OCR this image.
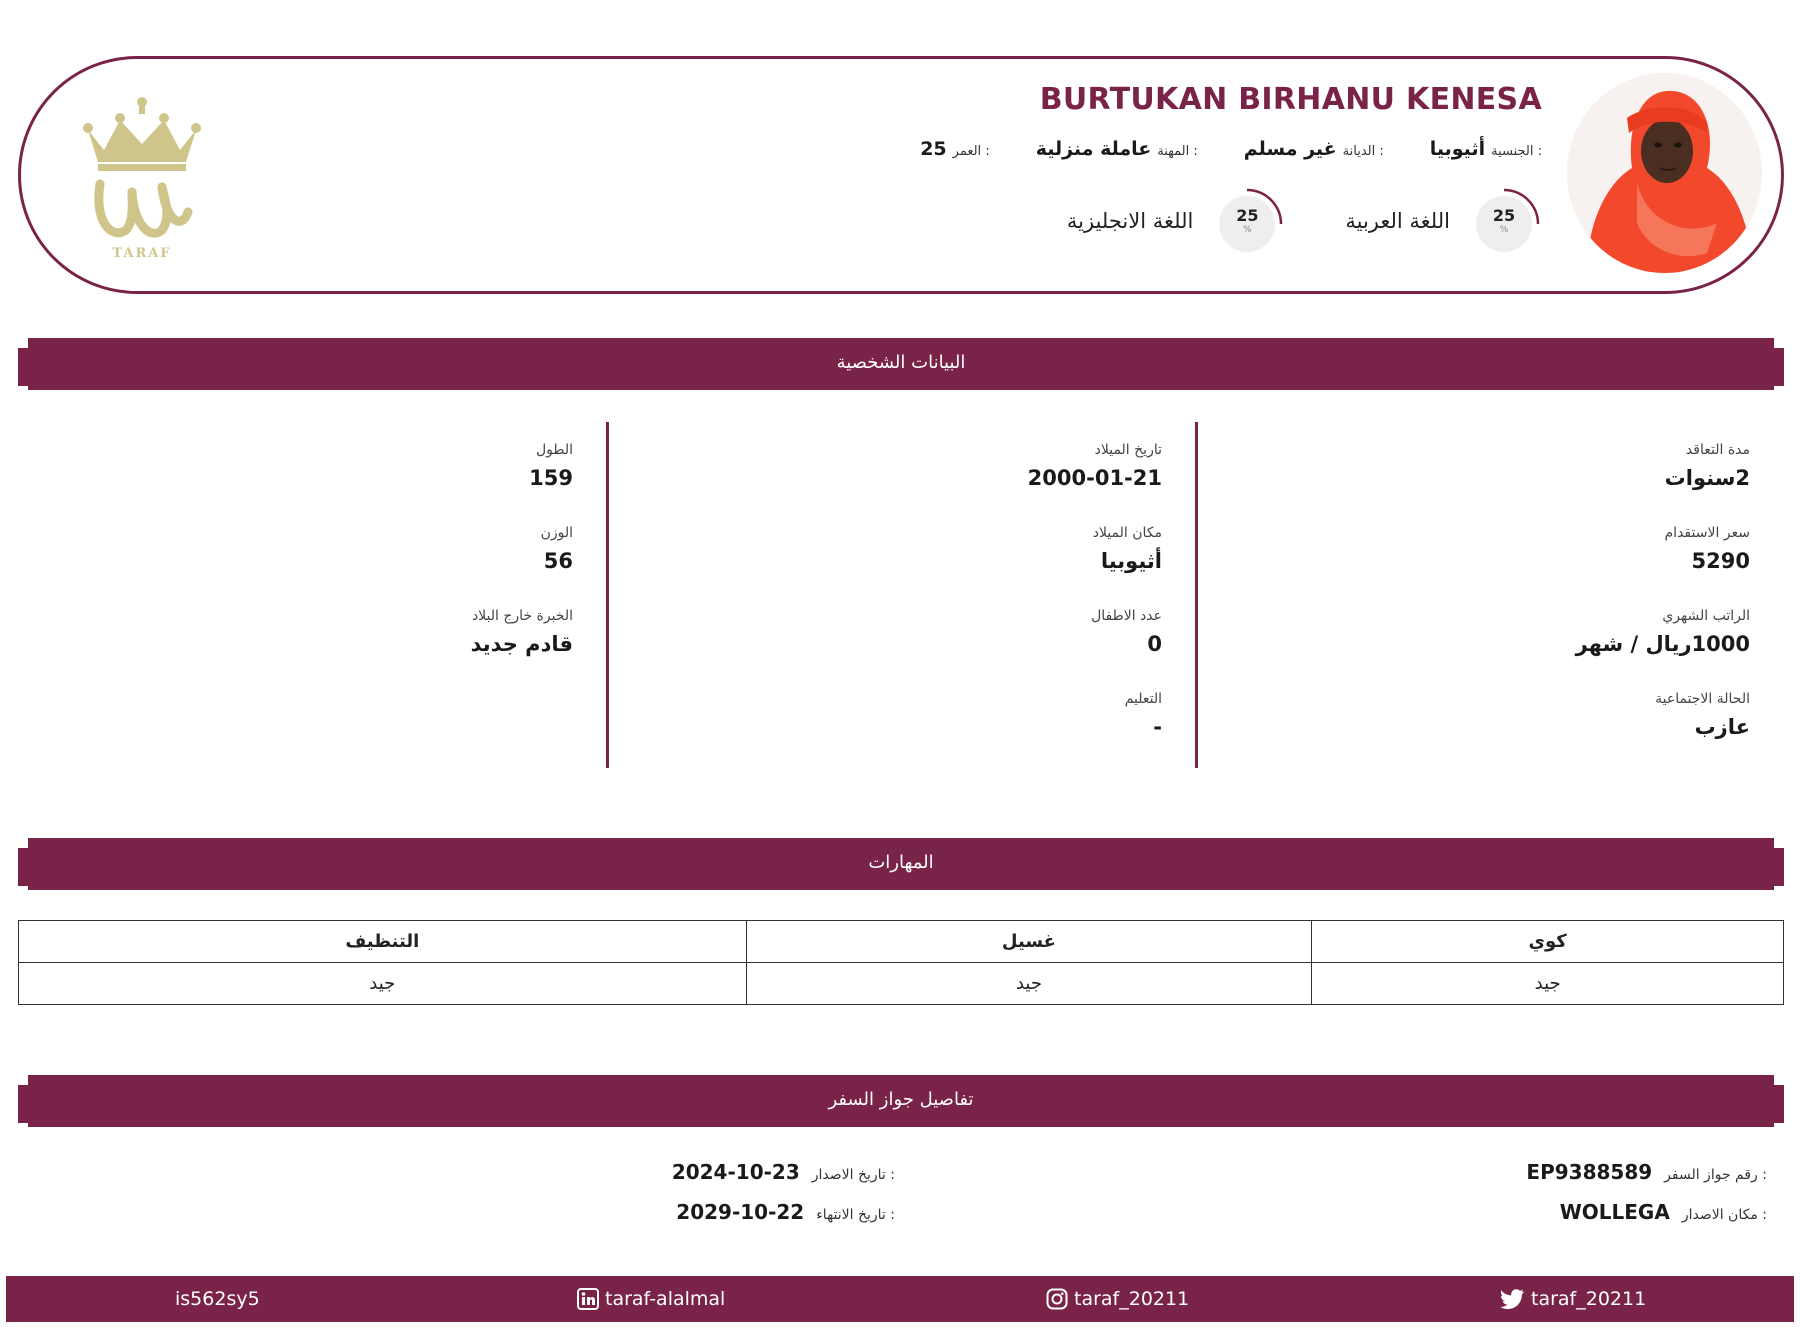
BURTUKAN BIRHANU KENESA
الجنسية :
أثيوبيا
الديانة :
غير مسلم
المهنة :
عاملة منزلية
العمر :
25
25
%
اللغة العربية
25
%
اللغة الانجليزية
TARAF
البيانات الشخصية
مدة التعاقد
2سنوات
سعر الاستقدام
5290
الراتب الشهري
1000ريال / شهر
الحالة الاجتماعية
عازب
تاريخ الميلاد
2000-01-21
مكان الميلاد
أثيوبيا
عدد الاطفال
0
التعليم
-
الطول
159
الوزن
56
الخبرة خارج البلاد
قادم جديد
المهارات
كوي	غسيل	التنظيف
جيد	جيد	جيد
تفاصيل جواز السفر
رقم جواز السفر :
EP9388589
مكان الاصدار :
WOLLEGA
تاريخ الاصدار :
2024-10-23
تاريخ الانتهاء :
2029-10-22
is562sy5	taraf-alalmal	taraf_20211	taraf_20211
